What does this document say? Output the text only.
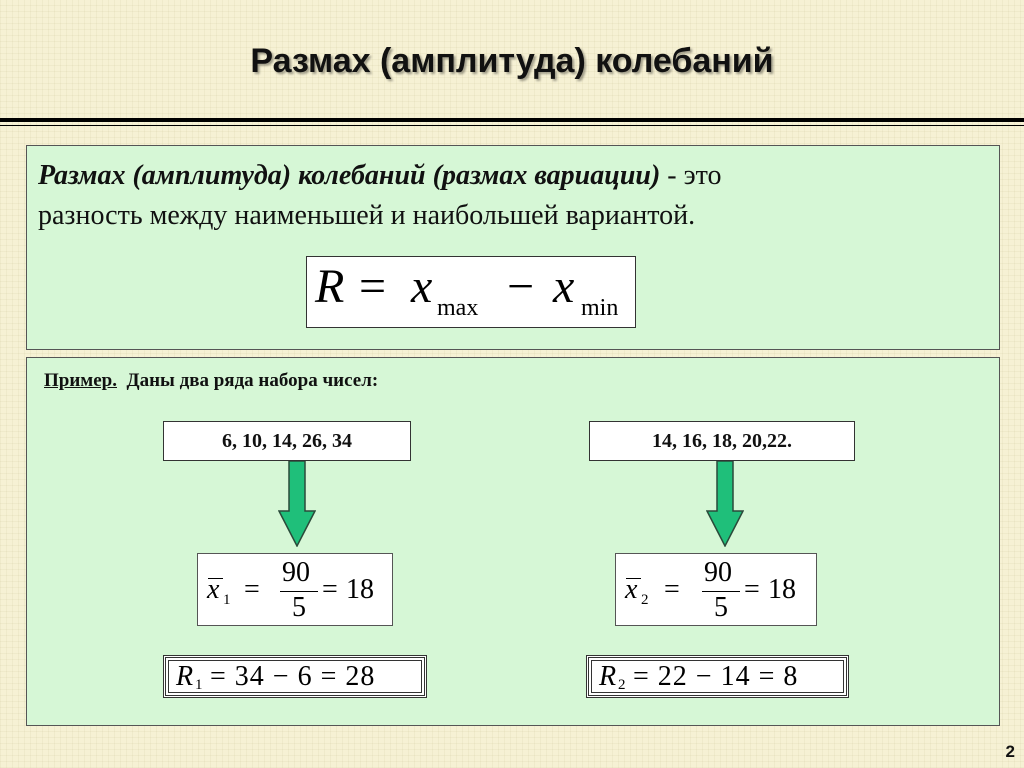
Размах (амплитуда) колебаний
Размах (амплитуда) колебаний (размах вариации) - это
разность между наименьшей и наибольшей вариантой.
R = x max − x min
Пример. Даны два ряда набора чисел:
6, 10, 14, 26, 34	14, 16, 18, 20,22.
x 1 =
90
5
= 18	x 2 =
90
5
= 18
R 1 = 34 − 6 = 28	R 2 = 22 − 14 = 8
2
